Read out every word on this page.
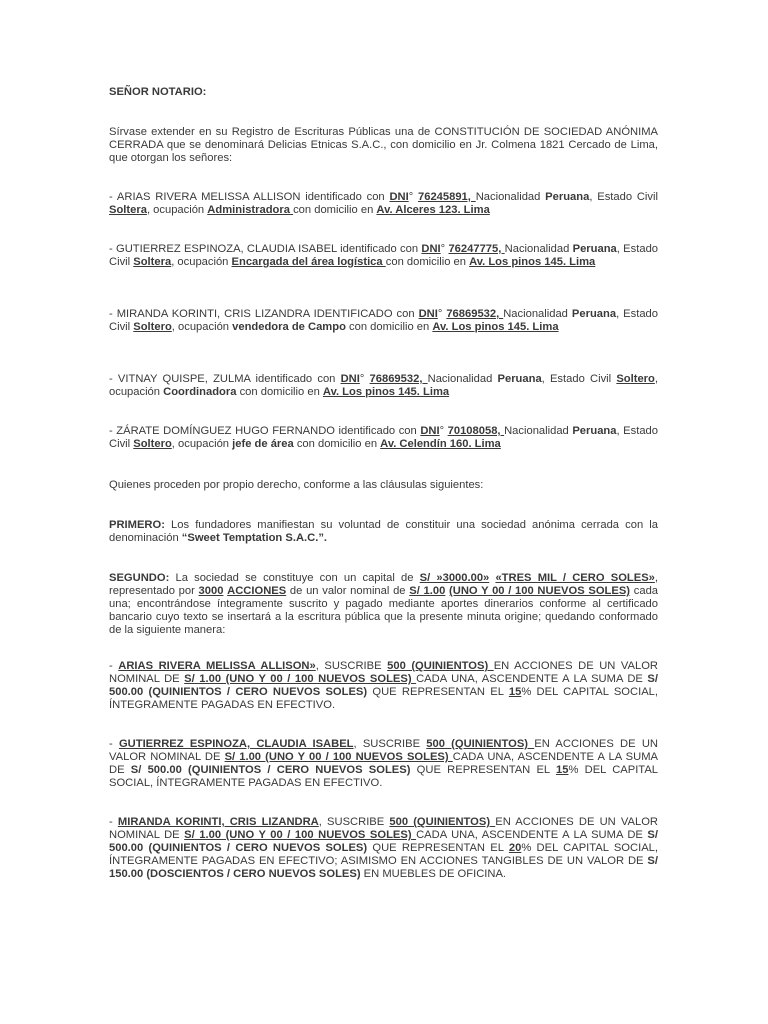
SEÑOR NOTARIO:
Sírvase extender en su Registro de Escrituras Públicas una de CONSTITUCIÓN DE SOCIEDAD ANÓNIMA CERRADA que se denominará Delicias Etnicas S.A.C., con domicilio en Jr. Colmena 1821 Cercado de Lima, que otorgan los señores:
- ARIAS RIVERA MELISSA ALLISON identificado con DNI° 76245891, Nacionalidad Peruana, Estado Civil Soltera, ocupación Administradora con domicilio en Av. Alceres 123. Lima
- GUTIERREZ ESPINOZA, CLAUDIA ISABEL identificado con DNI° 76247775, Nacionalidad Peruana, Estado Civil Soltera, ocupación Encargada del área logística con domicilio en Av. Los pinos 145. Lima
- MIRANDA KORINTI, CRIS LIZANDRA IDENTIFICADO con DNI° 76869532, Nacionalidad Peruana, Estado Civil Soltero, ocupación vendedora de Campo con domicilio en Av. Los pinos 145. Lima
- VITNAY QUISPE, ZULMA identificado con DNI° 76869532, Nacionalidad Peruana, Estado Civil Soltero, ocupación Coordinadora con domicilio en Av. Los pinos 145. Lima
- ZÁRATE DOMÍNGUEZ HUGO FERNANDO identificado con DNI° 70108058, Nacionalidad Peruana, Estado Civil Soltero, ocupación jefe de área con domicilio en Av. Celendín 160. Lima
Quienes proceden por propio derecho, conforme a las cláusulas siguientes:
PRIMERO: Los fundadores manifiestan su voluntad de constituir una sociedad anónima cerrada con la denominación “Sweet Temptation S.A.C.”.
SEGUNDO: La sociedad se constituye con un capital de S/ »3000.00» «TRES MIL / CERO SOLES», representado por 3000 ACCIONES de un valor nominal de S/ 1.00 (UNO Y 00 / 100 NUEVOS SOLES) cada una; encontrándose íntegramente suscrito y pagado mediante aportes dinerarios conforme al certificado bancario cuyo texto se insertará a la escritura pública que la presente minuta origine; quedando conformado de la siguiente manera:
- ARIAS RIVERA MELISSA ALLISON», SUSCRIBE 500 (QUINIENTOS) EN ACCIONES DE UN VALOR NOMINAL DE S/ 1.00 (UNO Y 00 / 100 NUEVOS SOLES) CADA UNA, ASCENDENTE A LA SUMA DE S/ 500.00 (QUINIENTOS / CERO NUEVOS SOLES) QUE REPRESENTAN EL 15% DEL CAPITAL SOCIAL, ÍNTEGRAMENTE PAGADAS EN EFECTIVO.
- GUTIERREZ ESPINOZA, CLAUDIA ISABEL, SUSCRIBE 500 (QUINIENTOS) EN ACCIONES DE UN VALOR NOMINAL DE S/ 1.00 (UNO Y 00 / 100 NUEVOS SOLES) CADA UNA, ASCENDENTE A LA SUMA DE S/ 500.00 (QUINIENTOS / CERO NUEVOS SOLES) QUE REPRESENTAN EL 15% DEL CAPITAL SOCIAL, ÍNTEGRAMENTE PAGADAS EN EFECTIVO.
- MIRANDA KORINTI, CRIS LIZANDRA, SUSCRIBE 500 (QUINIENTOS) EN ACCIONES DE UN VALOR NOMINAL DE S/ 1.00 (UNO Y 00 / 100 NUEVOS SOLES) CADA UNA, ASCENDENTE A LA SUMA DE S/ 500.00 (QUINIENTOS / CERO NUEVOS SOLES) QUE REPRESENTAN EL 20% DEL CAPITAL SOCIAL, ÍNTEGRAMENTE PAGADAS EN EFECTIVO; ASIMISMO EN ACCIONES TANGIBLES DE UN VALOR DE S/ 150.00 (DOSCIENTOS / CERO NUEVOS SOLES) EN MUEBLES DE OFICINA.
